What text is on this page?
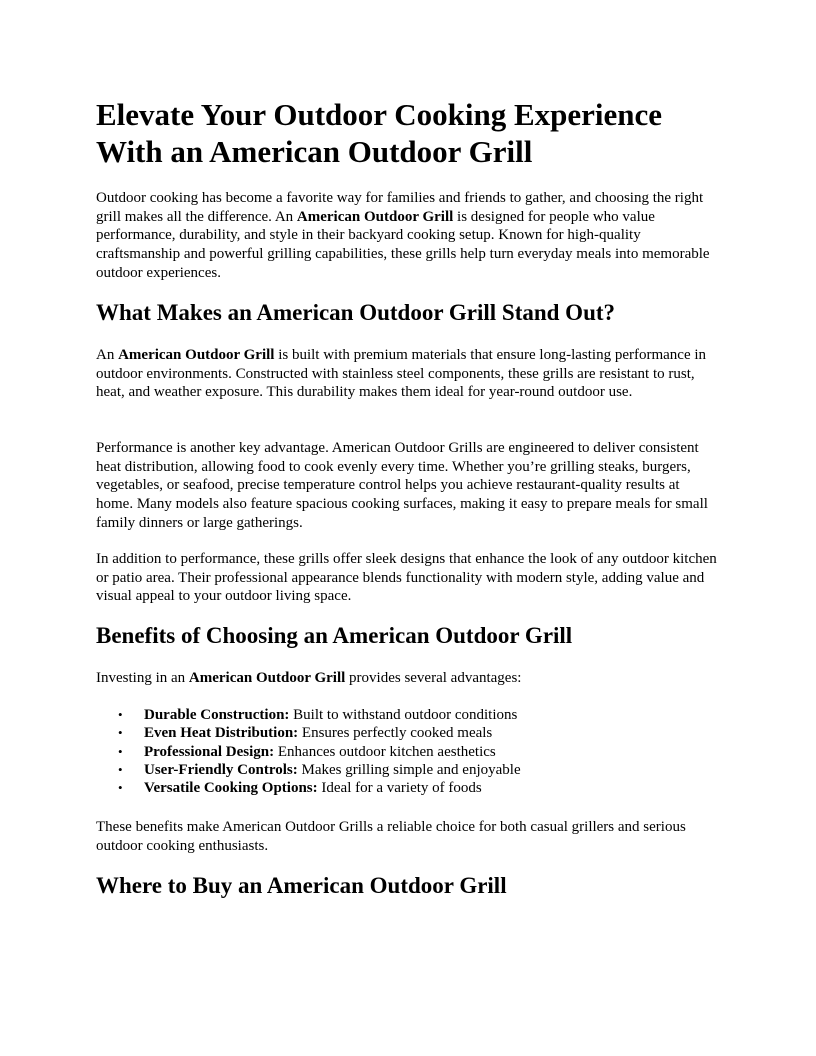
Elevate Your Outdoor Cooking Experience With an American Outdoor Grill

Outdoor cooking has become a favorite way for families and friends to gather, and choosing the right grill makes all the difference. An American Outdoor Grill is designed for people who value performance, durability, and style in their backyard cooking setup. Known for high-quality craftsmanship and powerful grilling capabilities, these grills help turn everyday meals into memorable outdoor experiences.

What Makes an American Outdoor Grill Stand Out?

An American Outdoor Grill is built with premium materials that ensure long-lasting performance in outdoor environments. Constructed with stainless steel components, these grills are resistant to rust, heat, and weather exposure. This durability makes them ideal for year-round outdoor use.

Performance is another key advantage. American Outdoor Grills are engineered to deliver consistent heat distribution, allowing food to cook evenly every time. Whether you’re grilling steaks, burgers, vegetables, or seafood, precise temperature control helps you achieve restaurant-quality results at home. Many models also feature spacious cooking surfaces, making it easy to prepare meals for small family dinners or large gatherings.

In addition to performance, these grills offer sleek designs that enhance the look of any outdoor kitchen or patio area. Their professional appearance blends functionality with modern style, adding value and visual appeal to your outdoor living space.

Benefits of Choosing an American Outdoor Grill

Investing in an American Outdoor Grill provides several advantages:

• Durable Construction: Built to withstand outdoor conditions
• Even Heat Distribution: Ensures perfectly cooked meals
• Professional Design: Enhances outdoor kitchen aesthetics
• User-Friendly Controls: Makes grilling simple and enjoyable
• Versatile Cooking Options: Ideal for a variety of foods

These benefits make American Outdoor Grills a reliable choice for both casual grillers and serious outdoor cooking enthusiasts.

Where to Buy an American Outdoor Grill
